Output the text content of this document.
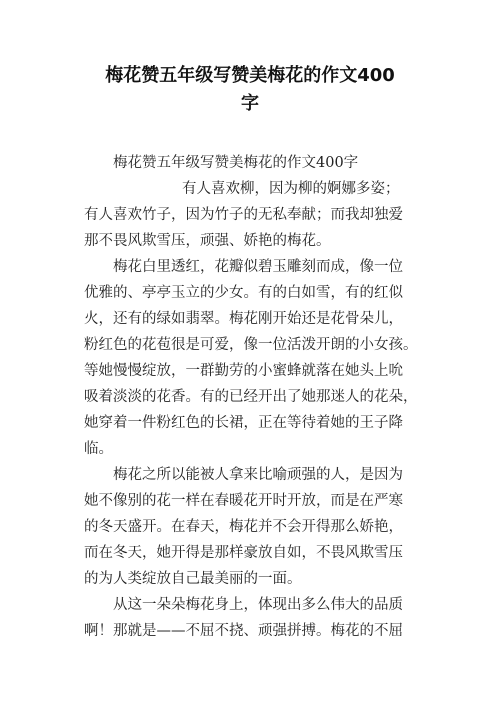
梅花赞五年级写赞美梅花的作文400
字
梅花赞五年级写赞美梅花的作文400字
有人喜欢柳，因为柳的婀娜多姿；
有人喜欢竹子，因为竹子的无私奉献；而我却独爱
那不畏风欺雪压，顽强、娇艳的梅花。
梅花白里透红，花瓣似碧玉雕刻而成，像一位
优雅的、亭亭玉立的少女。有的白如雪，有的红似
火，还有的绿如翡翠。梅花刚开始还是花骨朵儿，
粉红色的花苞很是可爱，像一位活泼开朗的小女孩。
等她慢慢绽放，一群勤劳的小蜜蜂就落在她头上吮
吸着淡淡的花香。有的已经开出了她那迷人的花朵，
她穿着一件粉红色的长裙，正在等待着她的王子降
临。
梅花之所以能被人拿来比喻顽强的人，是因为
她不像别的花一样在春暖花开时开放，而是在严寒
的冬天盛开。在春天，梅花并不会开得那么娇艳，
而在冬天，她开得是那样豪放自如，不畏风欺雪压
的为人类绽放自己最美丽的一面。
从这一朵朵梅花身上，体现出多么伟大的品质
啊！那就是——不屈不挠、顽强拼搏。梅花的不屈
